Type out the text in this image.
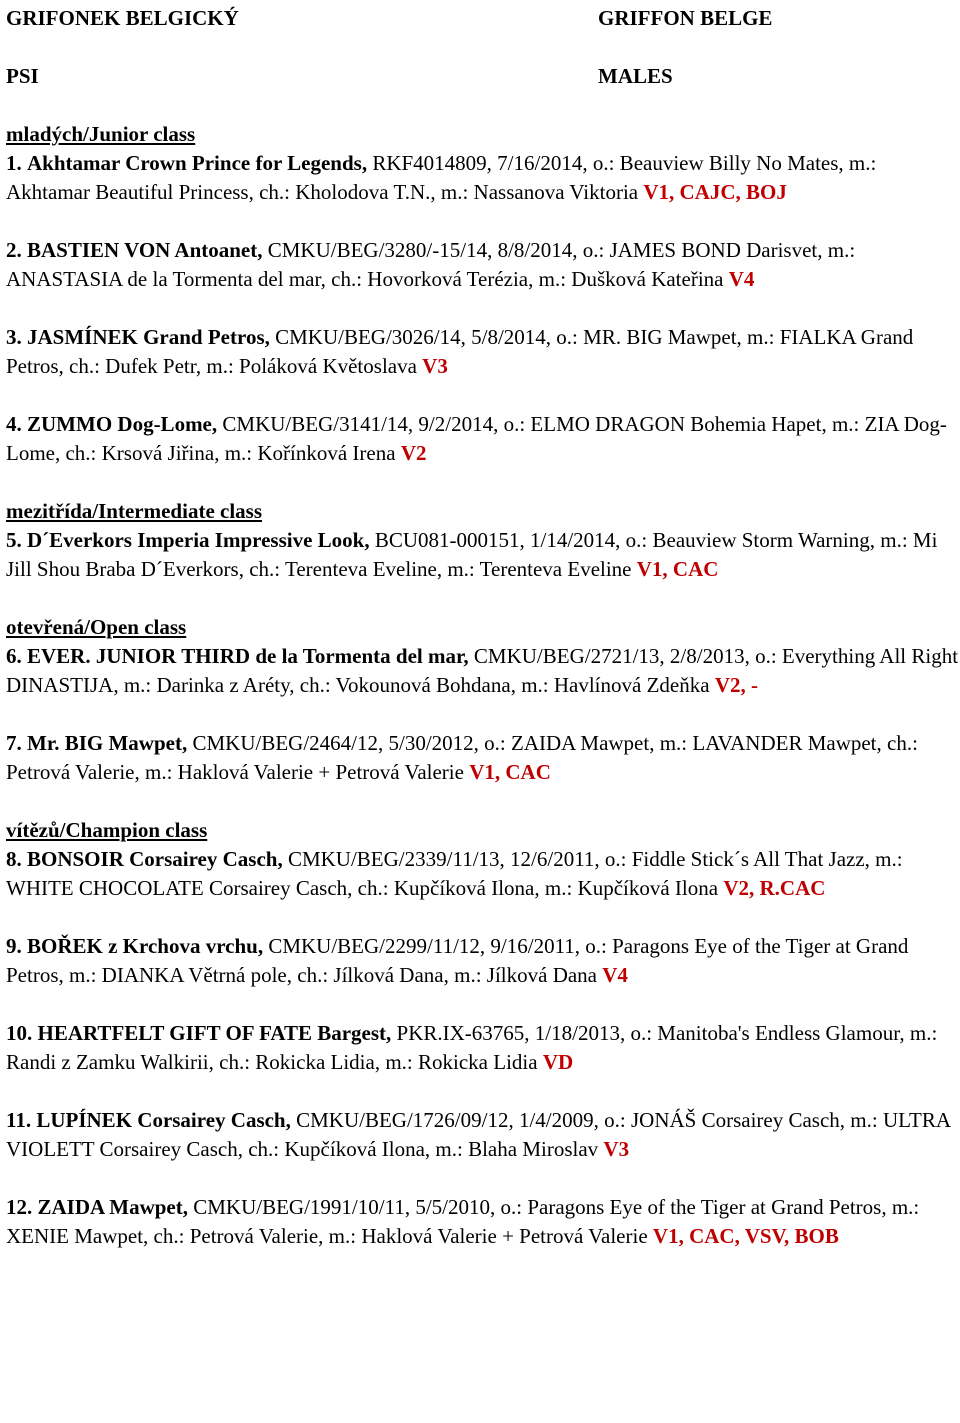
GRIFONEK BELGICKÝ	GRIFFON BELGE
PSI	MALES
mladých/Junior class

1. Akhtamar Crown Prince for Legends, RKF4014809, 7/16/2014, o.: Beauview Billy No Mates, m.: Akhtamar Beautiful Princess, ch.: Kholodova T.N., m.: Nassanova Viktoria V1, CAJC, BOJ

2. BASTIEN VON Antoanet, CMKU/BEG/3280/-15/14, 8/8/2014, o.: JAMES BOND Darisvet, m.: ANASTASIA de la Tormenta del mar, ch.: Hovorková Terézia, m.: Dušková Kateřina V4

3. JASMÍNEK Grand Petros, CMKU/BEG/3026/14, 5/8/2014, o.: MR. BIG Mawpet, m.: FIALKA Grand Petros, ch.: Dufek Petr, m.: Poláková Květoslava V3

4. ZUMMO Dog-Lome, CMKU/BEG/3141/14, 9/2/2014, o.: ELMO DRAGON Bohemia Hapet, m.: ZIA Dog-Lome, ch.: Krsová Jiřina, m.: Kořínková Irena V2

mezitřída/Intermediate class

5. D´Everkors Imperia Impressive Look, BCU081-000151, 1/14/2014, o.: Beauview Storm Warning, m.: Mi Jill Shou Braba D´Everkors, ch.: Terenteva Eveline, m.: Terenteva Eveline V1, CAC

otevřená/Open class

6. EVER. JUNIOR THIRD de la Tormenta del mar, CMKU/BEG/2721/13, 2/8/2013, o.: Everything All Right DINASTIJA, m.: Darinka z Aréty, ch.: Vokounová Bohdana, m.: Havlínová Zdeňka V2, -

7. Mr. BIG Mawpet, CMKU/BEG/2464/12, 5/30/2012, o.: ZAIDA Mawpet, m.: LAVANDER Mawpet, ch.: Petrová Valerie, m.: Haklová Valerie + Petrová Valerie V1, CAC

vítězů/Champion class

8. BONSOIR Corsairey Casch, CMKU/BEG/2339/11/13, 12/6/2011, o.: Fiddle Stick´s All That Jazz, m.: WHITE CHOCOLATE Corsairey Casch, ch.: Kupčíková Ilona, m.: Kupčíková Ilona V2, R.CAC

9. BOŘEK z Krchova vrchu, CMKU/BEG/2299/11/12, 9/16/2011, o.: Paragons Eye of the Tiger at Grand Petros, m.: DIANKA Větrná pole, ch.: Jílková Dana, m.: Jílková Dana V4

10. HEARTFELT GIFT OF FATE Bargest, PKR.IX-63765, 1/18/2013, o.: Manitoba's Endless Glamour, m.: Randi z Zamku Walkirii, ch.: Rokicka Lidia, m.: Rokicka Lidia VD

11. LUPÍNEK Corsairey Casch, CMKU/BEG/1726/09/12, 1/4/2009, o.: JONÁŠ Corsairey Casch, m.: ULTRA VIOLETT Corsairey Casch, ch.: Kupčíková Ilona, m.: Blaha Miroslav V3

12. ZAIDA Mawpet, CMKU/BEG/1991/10/11, 5/5/2010, o.: Paragons Eye of the Tiger at Grand Petros, m.: XENIE Mawpet, ch.: Petrová Valerie, m.: Haklová Valerie + Petrová Valerie V1, CAC, VSV, BOB
